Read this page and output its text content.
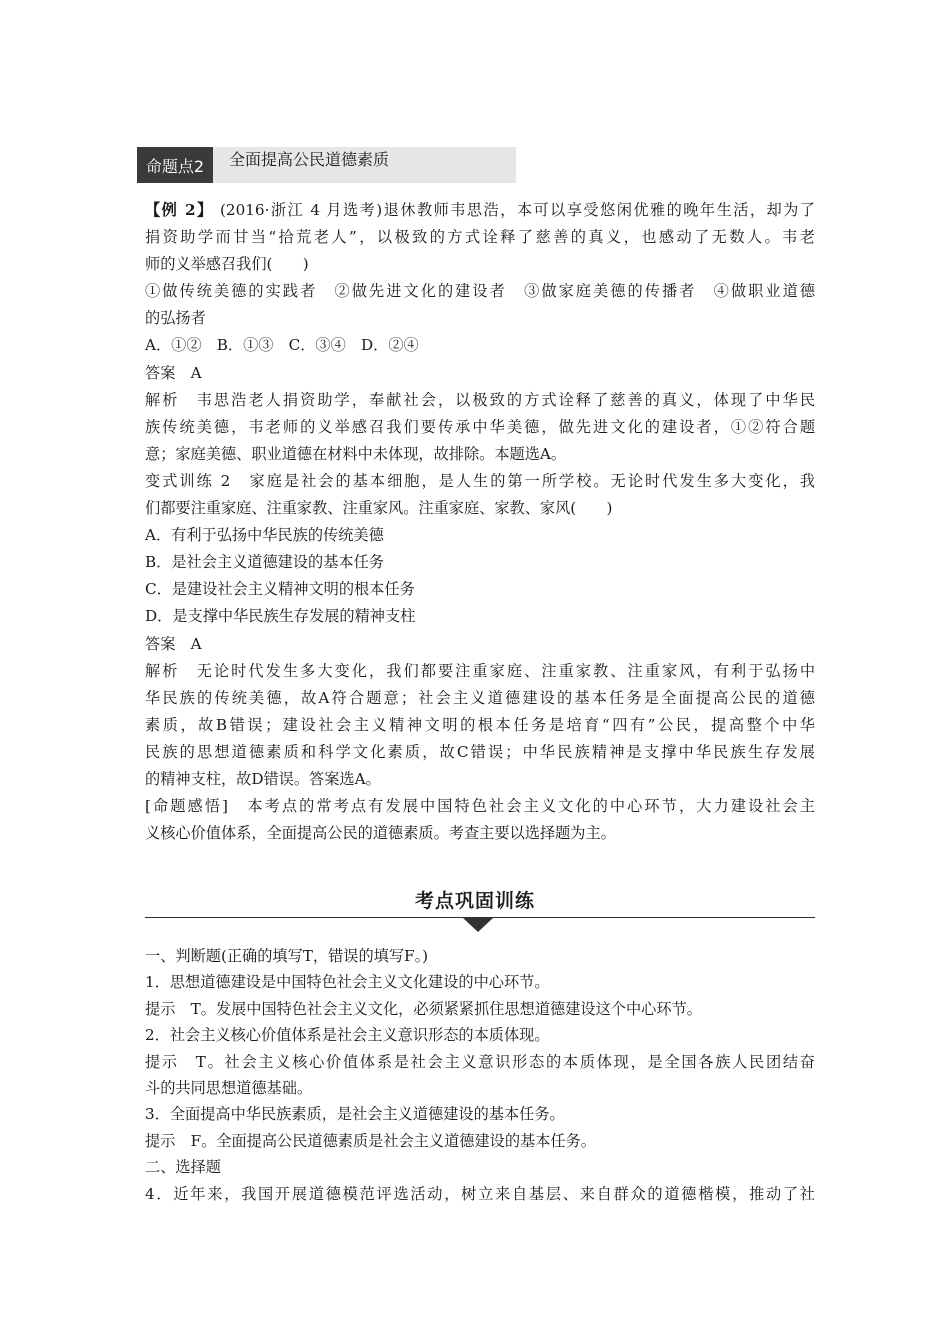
命题点2	全面提高公民道德素质
【例 2】 (2016·浙江 4 月选考)退休教师韦思浩，本可以享受悠闲优雅的晚年生活，却为了
捐资助学而甘当“拾荒老人”，以极致的方式诠释了慈善的真义，也感动了无数人。韦老
师的义举感召我们(　　)
①做传统美德的实践者　②做先进文化的建设者　③做家庭美德的传播者　④做职业道德
的弘扬者
A．①②　B．①③　C．③④　D．②④
答案　A
解析　韦思浩老人捐资助学，奉献社会，以极致的方式诠释了慈善的真义，体现了中华民
族传统美德，韦老师的义举感召我们要传承中华美德，做先进文化的建设者，①②符合题
意；家庭美德、职业道德在材料中未体现，故排除。本题选A。
变式训练 2　家庭是社会的基本细胞，是人生的第一所学校。无论时代发生多大变化，我
们都要注重家庭、注重家教、注重家风。注重家庭、家教、家风(　　)
A．有利于弘扬中华民族的传统美德
B．是社会主义道德建设的基本任务
C．是建设社会主义精神文明的根本任务
D．是支撑中华民族生存发展的精神支柱
答案　A
解析　无论时代发生多大变化，我们都要注重家庭、注重家教、注重家风，有利于弘扬中
华民族的传统美德，故A符合题意；社会主义道德建设的基本任务是全面提高公民的道德
素质，故B错误；建设社会主义精神文明的根本任务是培育“四有”公民，提高整个中华
民族的思想道德素质和科学文化素质，故C错误；中华民族精神是支撑中华民族生存发展
的精神支柱，故D错误。答案选A。
[命题感悟]　本考点的常考点有发展中国特色社会主义文化的中心环节，大力建设社会主
义核心价值体系，全面提高公民的道德素质。考查主要以选择题为主。
考点巩固训练
一、判断题(正确的填写T，错误的填写F。)
1．思想道德建设是中国特色社会主义文化建设的中心环节。
提示　T。发展中国特色社会主义文化，必须紧紧抓住思想道德建设这个中心环节。
2．社会主义核心价值体系是社会主义意识形态的本质体现。
提示　T。社会主义核心价值体系是社会主义意识形态的本质体现，是全国各族人民团结奋
斗的共同思想道德基础。
3．全面提高中华民族素质，是社会主义道德建设的基本任务。
提示　F。全面提高公民道德素质是社会主义道德建设的基本任务。
二、选择题
4．近年来，我国开展道德模范评选活动，树立来自基层、来自群众的道德楷模，推动了社
